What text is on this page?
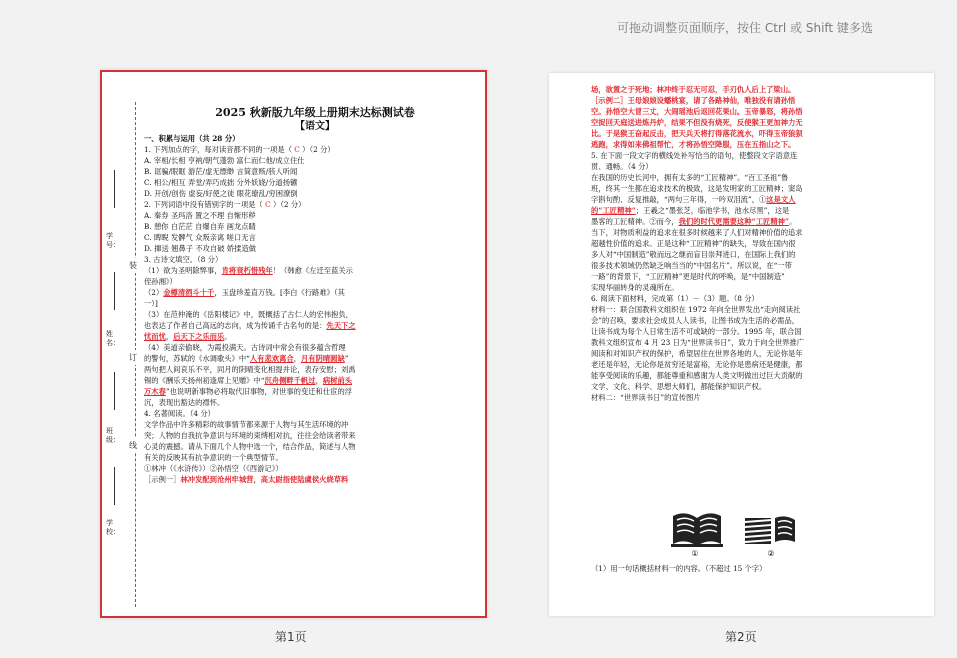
可拖动调整页面顺序，按住 Ctrl 或 Shift 键多选
装
订
线
学号：
姓名：
班级：
学校：
2025 秋新版九年级上册期末达标测试卷
【语文】
一、积累与运用（共 28 分）
1. 下列加点的字，每对读音都不同的一项是（ C ）（2 分）
A. 宰相/长相 亨衲/朝气蓬勃 富仁而仁他/成立住仕
B. 诓骗/眼眶 游茫/虚无缥缈 言简意赅/骇人听闻
C. 相公/相互 弄堂/弄巧成拙 分外妖娆/分道扬镳
D. 开创/创伤 虚妄/好使之徒 眼花缭乱/穷困潦倒
2. 下列词语中没有错别字的一项是（ C ）（2 分）
A. 秦券 圣玛洛 置之不理 自惭形秽
B. 憩你 白茫茫 自爆自弃 画龙点睛
C. 睥睨 发髀气 众叛亲离 嗟口无言
D. 撺送 翘鼻子 不攻自破 娇揉造做
3. 古诗文填空。（8 分）
（1）欲为圣明除弊事，肯将衰朽惜残年！（韩愈《左迁至蓝关示
侄孙湘》）
（2）金樽清酒斗十千，玉盘珍羞直万钱。[李白《行路难》（其
一）]
（3）在范仲淹的《岳阳楼记》中，既概括了古仁人的宏伟抱负，
也表达了作者自己高远的志向，成为传诵千古名句的是：先天下之
忧而忧，后天下之乐而乐。
（4）美道亲偷晓，为霞投满天。古诗词中常会有很多蕴含哲理
的警句，苏轼的《水调歌头》中“人有悲欢离合，月有阴晴圆缺”
两句把人间哀乐不平，同月的阴晴变化相提并论，表存安慰；刘禹
锡的《酬乐天扬州初逢席上见赠》中“沉舟侧畔千帆过，病树前头
万木春”也说明新事物必将取代旧事物，对世事的变迁和仕宦的浮
沉，表现出豁达的襟怀。
4. 名著阅读。（4 分）
文学作品中许多精彩的故事情节都来源于人物与其生活环境的冲
突；人物的自我抗争意识与环境的束缚相对抗，往往会给读者带来
心灵的震撼。请从下面几个人物中选一个，结合作品，简述与人物
有关的反映其有抗争意识的一个典型情节。
①林冲（《水浒传》）②孙悟空（《西游记》）
［示例一］林冲发配到沧州牢城营，高太尉指使陆虞侯火烧草料
第1页
场，欲置之于死地；林冲终于忍无可忍，手刃仇人后上了梁山。
［示例二］王母娘娘设蟠桃宴，请了各路神仙，唯独没有请孙悟
空。孙悟空大冒三丈，大闹瑶池后返回花果山。玉帝暴怒，将孙悟
空捉回天庭送进炼丹炉，结果不但没有烧死，反使猴王更加神力无
比。于是猴王奋起反击，把天兵天将打得落花流水，吓得玉帝狼狈
逃跑，求得如来佛祖帮忙，才将孙悟空降服，压在五指山之下。
5. 在下面一段文字的横线处补写恰当的语句，使整段文字语意连
贯、通畅。（4 分）
在我国的历史长河中，拥有太多的“工匠精神”。“百工圣祖”鲁
班，终其一生都在追求技术的极致，这是发明家的工匠精神；窦岛
字斟句酌、反复推敲，“两句三年得，一吟双泪流”，①这是文人
的“工匠精神”；王羲之“墨张芝，临池学书，池水尽黑”，这是
墨客的工匠精神。②而今，我们的时代更需要这种“工匠精神”。
当下，对物质利益的追求在很多时候越来了人们对精神价值的追求
超越性价值的追求。正是这种“工匠精神”的缺失，导致在国内很
多人对“中国制造”敬而远之继而盲目崇拜进口，在国际上我们的
很多技术领域仍然缺乏响当当的“中国名片”。所以说，在“一带
一路”的背景下，“工匠精神”更是时代的呼唤，是“中国制造”
实现华丽转身的灵魂所在。
6. 阅读下面材料，完成第（1）－（3）题。（8 分）
材料一：联合国教科文组织在 1972 年向全世界发出“走向阅读社
会”的召唤，要求社会成员人人读书，让图书成为生活的必需品，
让读书成为每个人日常生活不可或缺的一部分。1995 年，联合国
教科文组织宣布 4 月 23 日为“世界读书日”，致力于向全世界推广
阅读和对知识产权的保护，希望居住在世界各地的人，无论你是年
老还是年轻，无论你是贫穷还是富裕，无论你是患病还是健康，都
能享受阅读的乐趣，都能尊重和感谢为人类文明做出过巨大贡献的
文学、文化、科学、思想大师们，都能保护知识产权。
材料二：“世界读书日”的宣传图片
①	②
（1）用一句话概括材料一的内容。（不超过 15 个字）
第2页
